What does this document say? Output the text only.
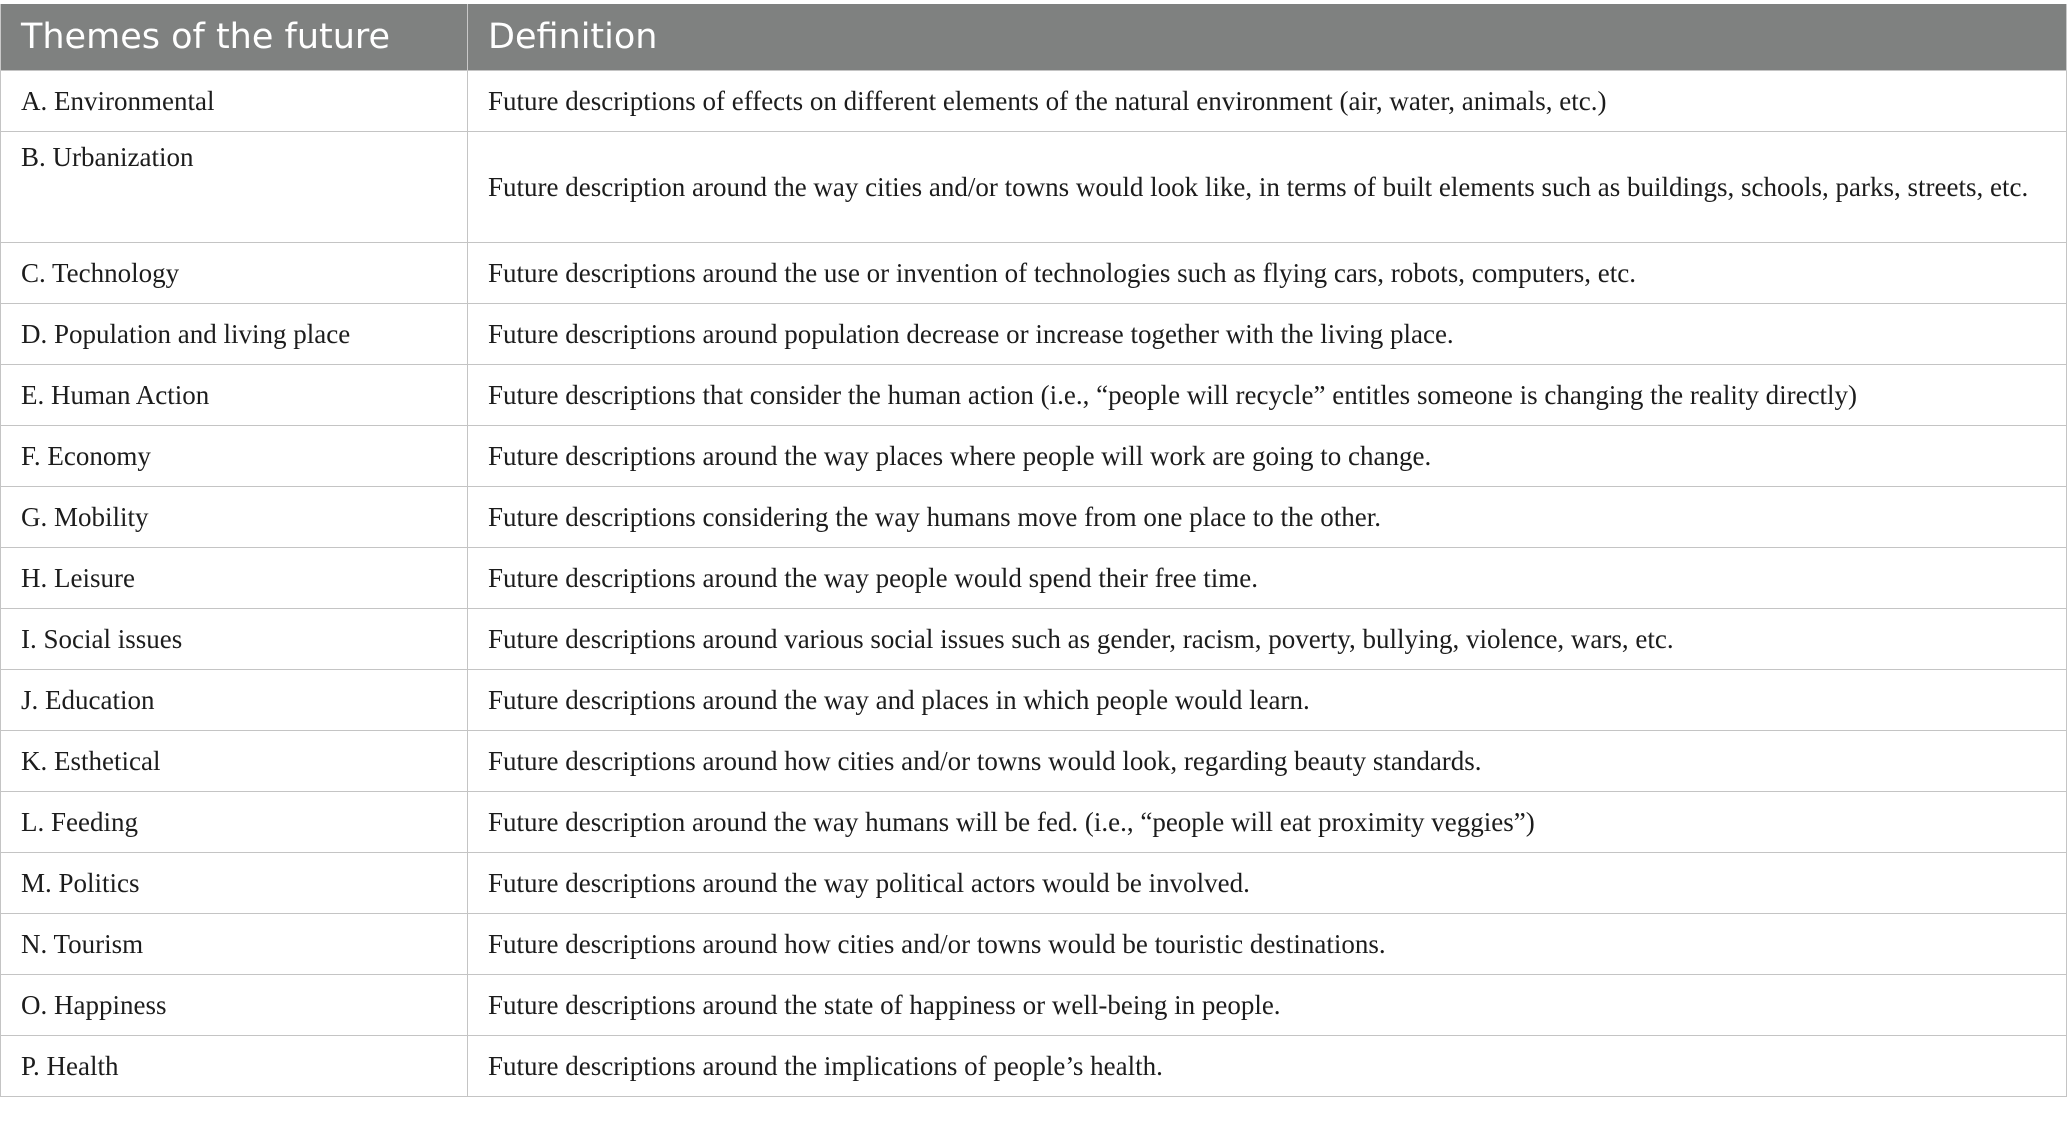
Themes of the future	Definition
A. Environmental	Future descriptions of effects on different elements of the natural environment (air, water, animals, etc.)
B. Urbanization	Future description around the way cities and/or towns would look like, in terms of built elements such as buildings, schools, parks, streets, etc.
C. Technology	Future descriptions around the use or invention of technologies such as flying cars, robots, computers, etc.
D. Population and living place	Future descriptions around population decrease or increase together with the living place.
E. Human Action	Future descriptions that consider the human action (i.e., “people will recycle” entitles someone is changing the reality directly)
F. Economy	Future descriptions around the way places where people will work are going to change.
G. Mobility	Future descriptions considering the way humans move from one place to the other.
H. Leisure	Future descriptions around the way people would spend their free time.
I. Social issues	Future descriptions around various social issues such as gender, racism, poverty, bullying, violence, wars, etc.
J. Education	Future descriptions around the way and places in which people would learn.
K. Esthetical	Future descriptions around how cities and/or towns would look, regarding beauty standards.
L. Feeding	Future description around the way humans will be fed. (i.e., “people will eat proximity veggies”)
M. Politics	Future descriptions around the way political actors would be involved.
N. Tourism	Future descriptions around how cities and/or towns would be touristic destinations.
O. Happiness	Future descriptions around the state of happiness or well-being in people.
P. Health	Future descriptions around the implications of people’s health.
